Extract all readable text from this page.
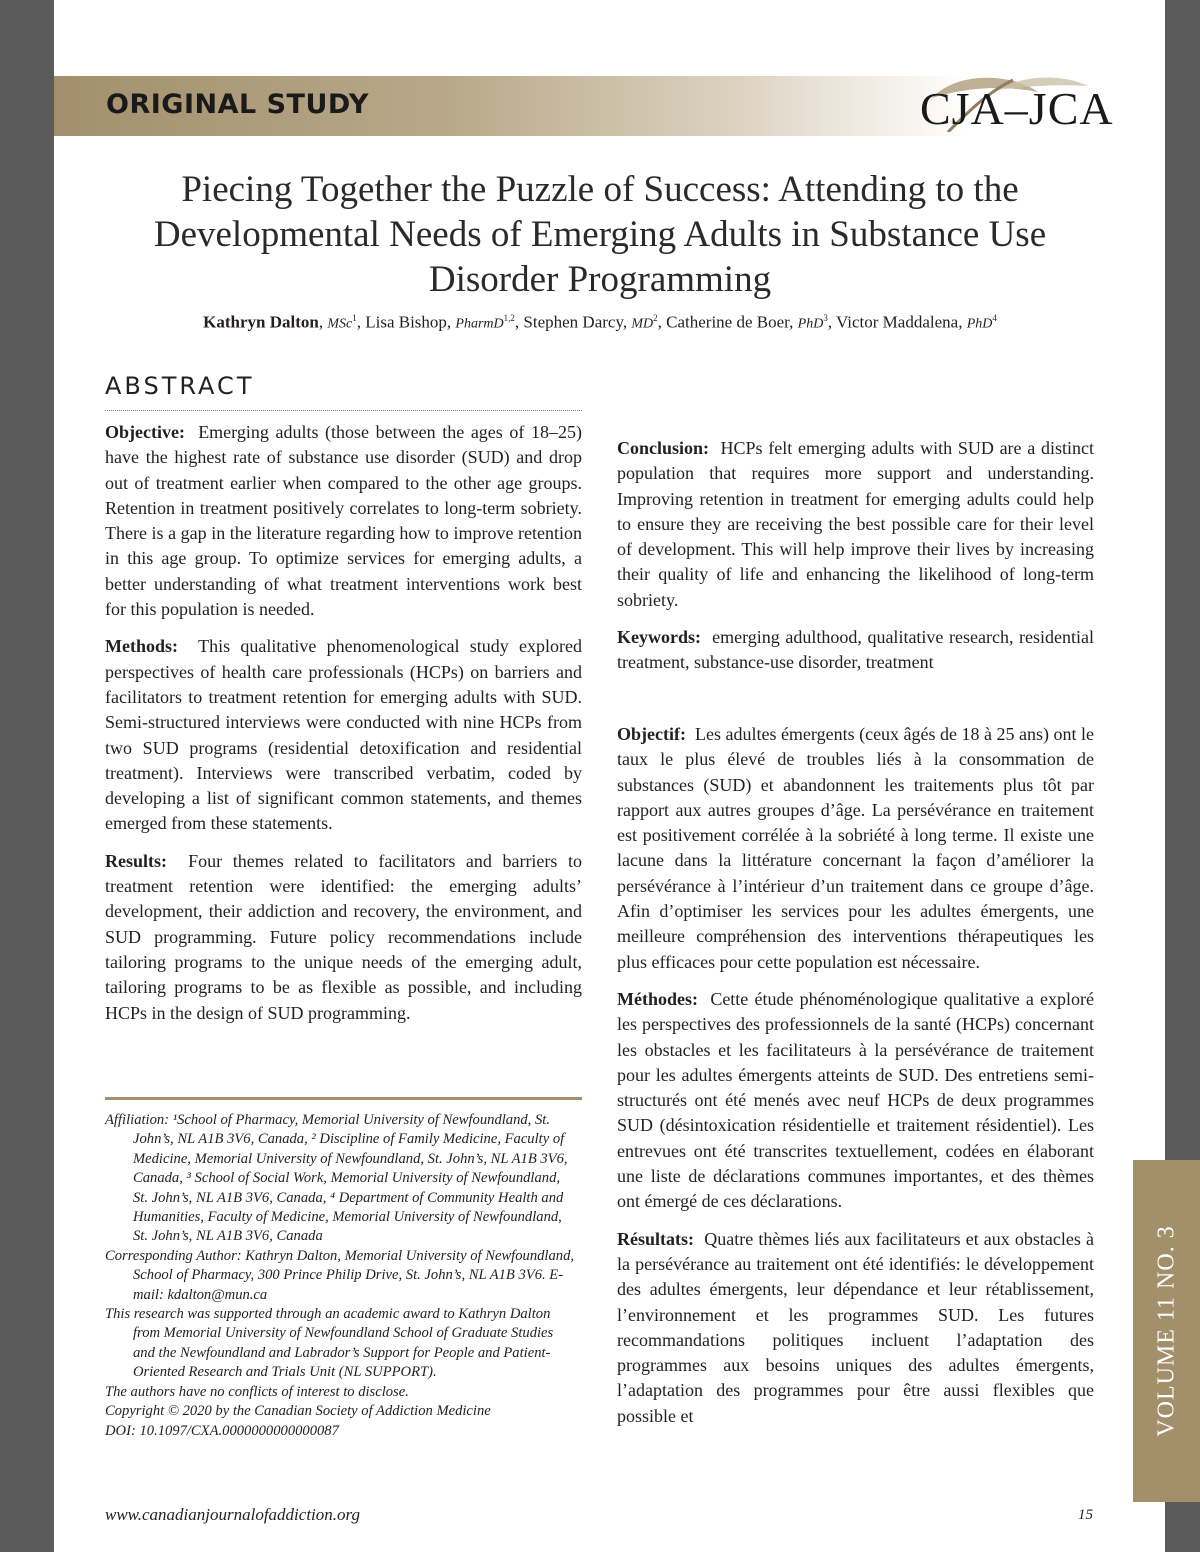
ORIGINAL STUDY	CJA–JCA
Piecing Together the Puzzle of Success: Attending to the Developmental Needs of Emerging Adults in Substance Use Disorder Programming
Kathryn Dalton, MSc$^1$, Lisa Bishop, PharmD$^{1,2}$, Stephen Darcy, $MD^2$, Catherine de Boer, PhD$^3$, Victor Maddalena, PhD$^4$
ABSTRACT

Objective: Emerging adults (those between the ages of 18–25) have the highest rate of substance use disorder (SUD) and drop out of treatment earlier when compared to the other age groups. Retention in treatment positively correlates to long-term sobriety. There is a gap in the literature regarding how to improve retention in this age group. To optimize services for emerging adults, a better understanding of what treatment interventions work best for this population is needed.

Methods: This qualitative phenomenological study explored perspectives of health care professionals (HCPs) on barriers and facilitators to treatment retention for emerging adults with SUD. Semi-structured interviews were conducted with nine HCPs from two SUD programs (residential detoxification and residential treatment). Interviews were transcribed verbatim, coded by developing a list of significant common statements, and themes emerged from these statements.

Results: Four themes related to facilitators and barriers to treatment retention were identified: the emerging adults’ development, their addiction and recovery, the environment, and SUD programming. Future policy recommendations include tailoring programs to the unique needs of the emerging adult, tailoring programs to be as flexible as possible, and including HCPs in the design of SUD programming.

Affiliation: ¹School of Pharmacy, Memorial University of Newfoundland, St. John’s, NL A1B 3V6, Canada, ² Discipline of Family Medicine, Faculty of Medicine, Memorial University of Newfoundland, St. John’s, NL A1B 3V6, Canada, ³ School of Social Work, Memorial University of Newfoundland, St. John’s, NL A1B 3V6, Canada, ⁴ Department of Community Health and Humanities, Faculty of Medicine, Memorial University of Newfoundland, St. John’s, NL A1B 3V6, Canada
Corresponding Author: Kathryn Dalton, Memorial University of Newfoundland, School of Pharmacy, 300 Prince Philip Drive, St. John’s, NL A1B 3V6. E-mail: kdalton@mun.ca
This research was supported through an academic award to Kathryn Dalton from Memorial University of Newfoundland School of Graduate Studies and the Newfoundland and Labrador’s Support for People and Patient-Oriented Research and Trials Unit (NL SUPPORT).
The authors have no conflicts of interest to disclose.
Copyright © 2020 by the Canadian Society of Addiction Medicine
DOI: 10.1097/CXA.0000000000000087

Conclusion: HCPs felt emerging adults with SUD are a distinct population that requires more support and understanding. Improving retention in treatment for emerging adults could help to ensure they are receiving the best possible care for their level of development. This will help improve their lives by increasing their quality of life and enhancing the likelihood of long-term sobriety.

Keywords: emerging adulthood, qualitative research, residential treatment, substance-use disorder, treatment

Objectif: Les adultes émergents (ceux âgés de 18 à 25 ans) ont le taux le plus élevé de troubles liés à la consommation de substances (SUD) et abandonnent les traitements plus tôt par rapport aux autres groupes d’âge. La persévérance en traitement est positivement corrélée à la sobriété à long terme. Il existe une lacune dans la littérature concernant la façon d’améliorer la persévérance à l’intérieur d’un traitement dans ce groupe d’âge. Afin d’optimiser les services pour les adultes émergents, une meilleure compréhension des interventions thérapeutiques les plus efficaces pour cette population est nécessaire.

Méthodes: Cette étude phénoménologique qualitative a exploré les perspectives des professionnels de la santé (HCPs) concernant les obstacles et les facilitateurs à la persévérance de traitement pour les adultes émergents atteints de SUD. Des entretiens semi-structurés ont été menés avec neuf HCPs de deux programmes SUD (désintoxication résidentielle et traitement résidentiel). Les entrevues ont été transcrites textuellement, codées en élaborant une liste de déclarations communes importantes, et des thèmes ont émergé de ces déclarations.

Résultats: Quatre thèmes liés aux facilitateurs et aux obstacles à la persévérance au traitement ont été identifiés: le développement des adultes émergents, leur dépendance et leur rétablissement, l’environnement et les programmes SUD. Les futures recommandations politiques incluent l’adaptation des programmes aux besoins uniques des adultes émergents, l’adaptation des programmes pour être aussi flexibles que possible et	VOLUME 11 NO. 3
www.canadianjournalofaddiction.org	15
